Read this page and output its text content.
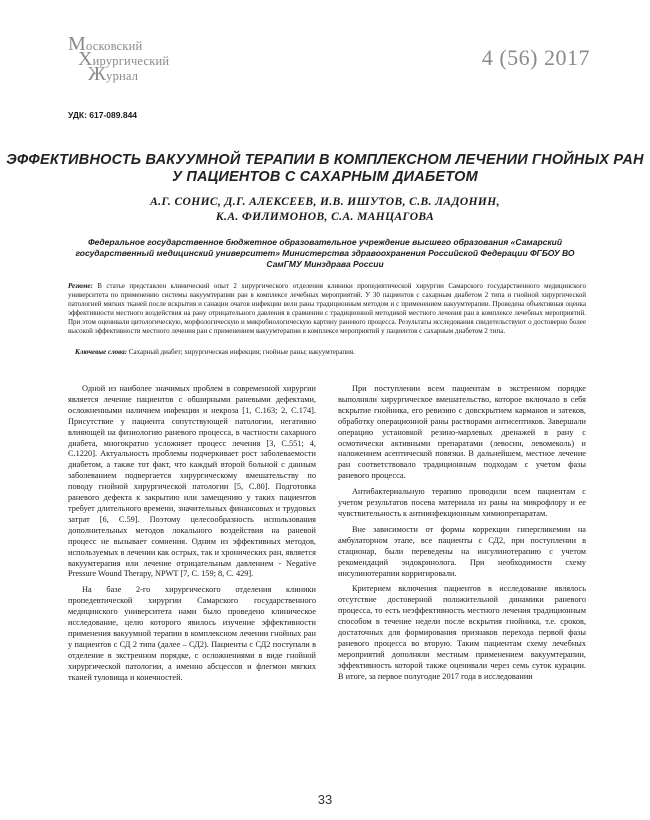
Московский
Хирургический
Журнал
4 (56) 2017
УДК: 617-089.844
ЭФФЕКТИВНОСТЬ ВАКУУМНОЙ ТЕРАПИИ В КОМПЛЕКСНОМ ЛЕЧЕНИИ ГНОЙНЫХ РАН У ПАЦИЕНТОВ С САХАРНЫМ ДИАБЕТОМ
А.Г. СОНИС, Д.Г. АЛЕКСЕЕВ, И.В. ИШУТОВ, С.В. ЛАДОНИН,
К.А. ФИЛИМОНОВ, С.А. МАНЦАГОВА
Федеральное государственное бюджетное образовательное учреждение высшего образования «Самарский государственный медицинский университет» Министерства здравоохранения Российской Федерации ФГБОУ ВО СамГМУ Минздрава России
Резюме: В статье представлен клинический опыт 2 хирургического отделения клиники пропедевтической хирургии Самарского государственного медицинского университета по применению системы вакуумтерапии ран в комплексе лечебных мероприятий. У 30 пациентов с сахарным диабетом 2 типа и гнойной хирургической патологией мягких тканей после вскрытия и санации очагов инфекции вели раны традиционным методом и с применением вакуумтерапии. Проведена объективная оценка эффективности местного воздействия на рану отрицательного давления в сравнении с традиционной методикой местного лечения ран в комплексе лечебных мероприятий. При этом оценивали цитологическую, морфологическую и микробиологическую картину раневого процесса. Результаты исследования свидетельствуют о достоверно более высокой эффективности местного лечения ран с применением вакуумтерапии в комплексе мероприятий у пациентов с сахарным диабетом 2 типа.
Ключевые слова: Сахарный диабет; хирургическая инфекция; гнойные раны; вакуумтерапия.

Одной из наиболее значимых проблем в современной хирургии является лечение пациентов с обширными раневыми дефектами, осложненными наличием инфекции и некроза [1, С.163; 2, С.174]. Присутствие у пациента сопутствующей патологии, негативно влияющей на физиологию раневого процесса, в частности сахарного диабета, многократно усложняет процесс лечения [3, С.551; 4, С.1220]. Актуальность проблемы подчеркивает рост заболеваемости диабетом, а также тот факт, что каждый второй больной с данным заболеванием подвергается хирургическому вмешательству по поводу гнойной хирургической патологии [5, С.80]. Подготовка раневого дефекта к закрытию или замещению у таких пациентов требует длительного времени, значительных финансовых и трудовых затрат [6, С.59]. Поэтому целесообразность использования дополнительных методов локального воздействия на раневой процесс не вызывает сомнения. Одним из эффективных методов, используемых в лечении как острых, так и хронических ран, является вакуумтерапия или лечение отрицательным давлением - Negative Pressure Wound Therapy, NPWT [7, С. 159; 8, С. 429].

На базе 2-го хирургического отделения клиники пропедевтической хирургии Самарского государственного медицинского университета нами было проведено клиническое исследование, целю которого явилось изучение эффективности применения вакуумной терапии в комплексном лечении гнойных ран у пациентов с СД 2 типа (далее – СД2). Пациенты с СД2 поступали в отделение в экстренном порядке, с осложнениями в виде гнойной хирургической патологии, а именно абсцессов и флегмон мягких тканей туловища и конечностей.

При поступлении всем пациентам в экстренном порядке выполняли хирургическое вмешательство, которое включало в себя вскрытие гнойника, его ревизию с довскрытием карманов и затеков, обработку операционной раны растворами антисептиков. Завершали операцию установкой резино-марлевых дренажей в рану с осмотически активными препаратами (левосин, левомеколь) и наложением асептической повязки. В дальнейшем, местное лечение ран соответствовало традиционным подходам с учетом фазы раневого процесса.

Антибактериальную терапию проводили всем пациентам с учетом результатов посева материала из раны на микрофлору и ее чувствительность к антиинфекционным химиопрепаратам.

Вне зависимости от формы коррекции гипергликемии на амбулаторном этапе, все пациенты с СД2, при поступлении в стационар, были переведены на инсулинотерапию с учетом рекомендаций эндокринолога. При необходимости схему инсулинотерапии корригировали.

Критерием включения пациентов в исследование являлось отсутствие достоверной положительной динамики раневого процесса, то есть неэффективность местного лечения традиционным способом в течение недели после вскрытия гнойника, т.е. сроков, достаточных для формирования признаков перехода первой фазы раневого процесса во вторую. Таким пациентам схему лечебных мероприятий дополняли местным применением вакуумтерапии, эффективность которой также оценивали через семь суток курации. В итоге, за первое полугодие 2017 года в исследовании

33
